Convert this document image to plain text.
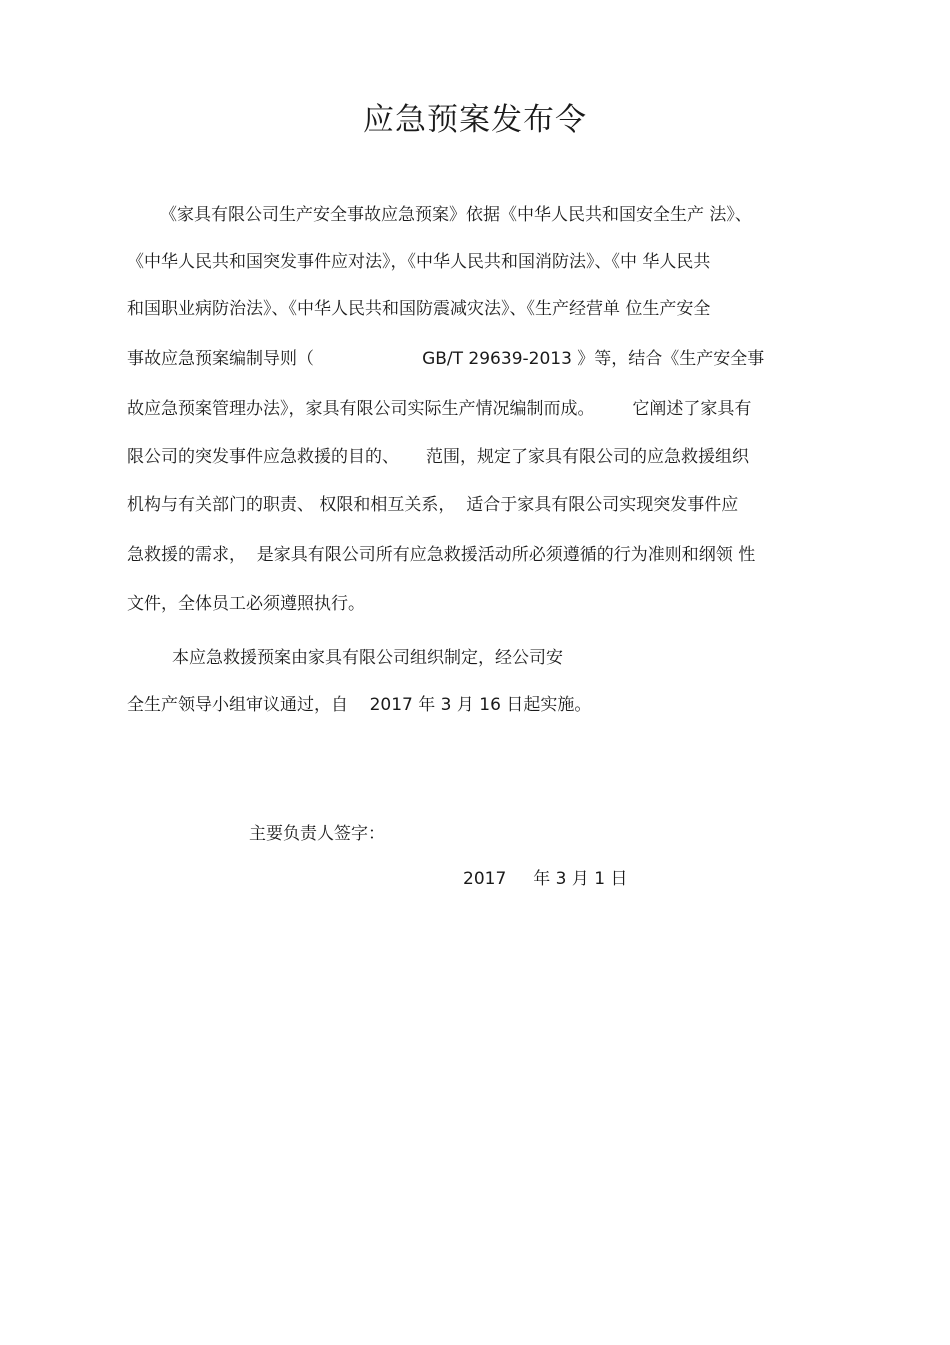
应急预案发布令
《家具有限公司生产安全事故应急预案》依据《中华人民共和国安全生产 法》、
《中华人民共和国突发事件应对法》，《中华人民共和国消防法》、《中 华人民共
和国职业病防治法》、《中华人民共和国防震减灾法》、《生产经营单 位生产安全
事故应急预案编制导则（                    GB/T 29639-2013 》等，结合《生产安全事
故应急预案管理办法》，家具有限公司实际生产情况编制而成。       它阐述了家具有
限公司的突发事件应急救援的目的、     范围，规定了家具有限公司的应急救援组织
机构与有关部门的职责、 权限和相互关系，  适合于家具有限公司实现突发事件应
急救援的需求，  是家具有限公司所有应急救援活动所必须遵循的行为准则和纲领 性
文件，全体员工必须遵照执行。
本应急救援预案由家具有限公司组织制定，经公司安
全生产领导小组审议通过，自    2017 年 3 月 16 日起实施。
主要负责人签字：
2017     年 3 月 1 日
